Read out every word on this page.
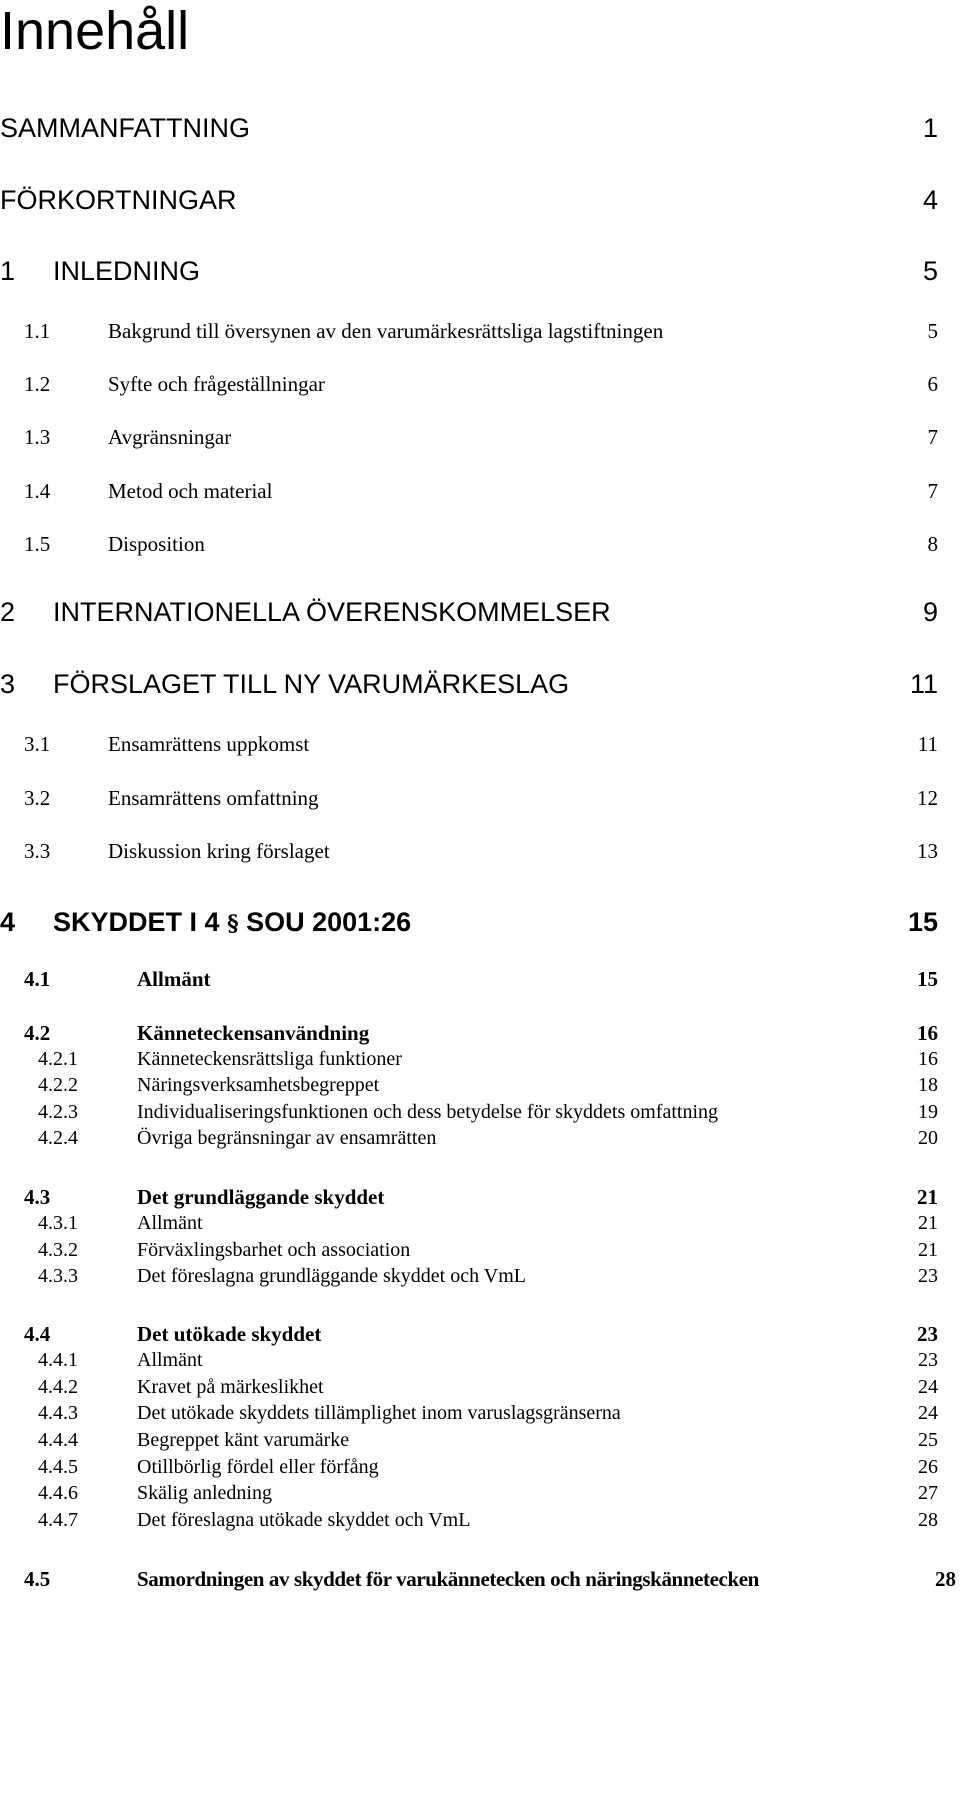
Innehåll
SAMMANFATTNING	1
FÖRKORTNINGAR	4
1 INLEDNING	5
1.1	Bakgrund till översynen av den varumärkesrättsliga lagstiftningen	5
1.2	Syfte och frågeställningar	6
1.3	Avgränsningar	7
1.4	Metod och material	7
1.5	Disposition	8
2 INTERNATIONELLA ÖVERENSKOMMELSER	9
3 FÖRSLAGET TILL NY VARUMÄRKESLAG	11
3.1	Ensamrättens uppkomst	11
3.2	Ensamrättens omfattning	12
3.3	Diskussion kring förslaget	13
4 SKYDDET I 4 § SOU 2001:26	15
4.1	Allmänt	15
4.2	Känneteckensanvändning	16
4.2.1	Känneteckensrättsliga funktioner	16
4.2.2	Näringsverksamhetsbegreppet	18
4.2.3	Individualiseringsfunktionen och dess betydelse för skyddets omfattning	19
4.2.4	Övriga begränsningar av ensamrätten	20
4.3	Det grundläggande skyddet	21
4.3.1	Allmänt	21
4.3.2	Förväxlingsbarhet och association	21
4.3.3	Det föreslagna grundläggande skyddet och VmL	23
4.4	Det utökade skyddet	23
4.4.1	Allmänt	23
4.4.2	Kravet på märkeslikhet	24
4.4.3	Det utökade skyddets tillämplighet inom varuslagsgränserna	24
4.4.4	Begreppet känt varumärke	25
4.4.5	Otillbörlig fördel eller förfång	26
4.4.6	Skälig anledning	27
4.4.7	Det föreslagna utökade skyddet och VmL	28
4.5	Samordningen av skyddet för varukännetecken och näringskännetecken	28
